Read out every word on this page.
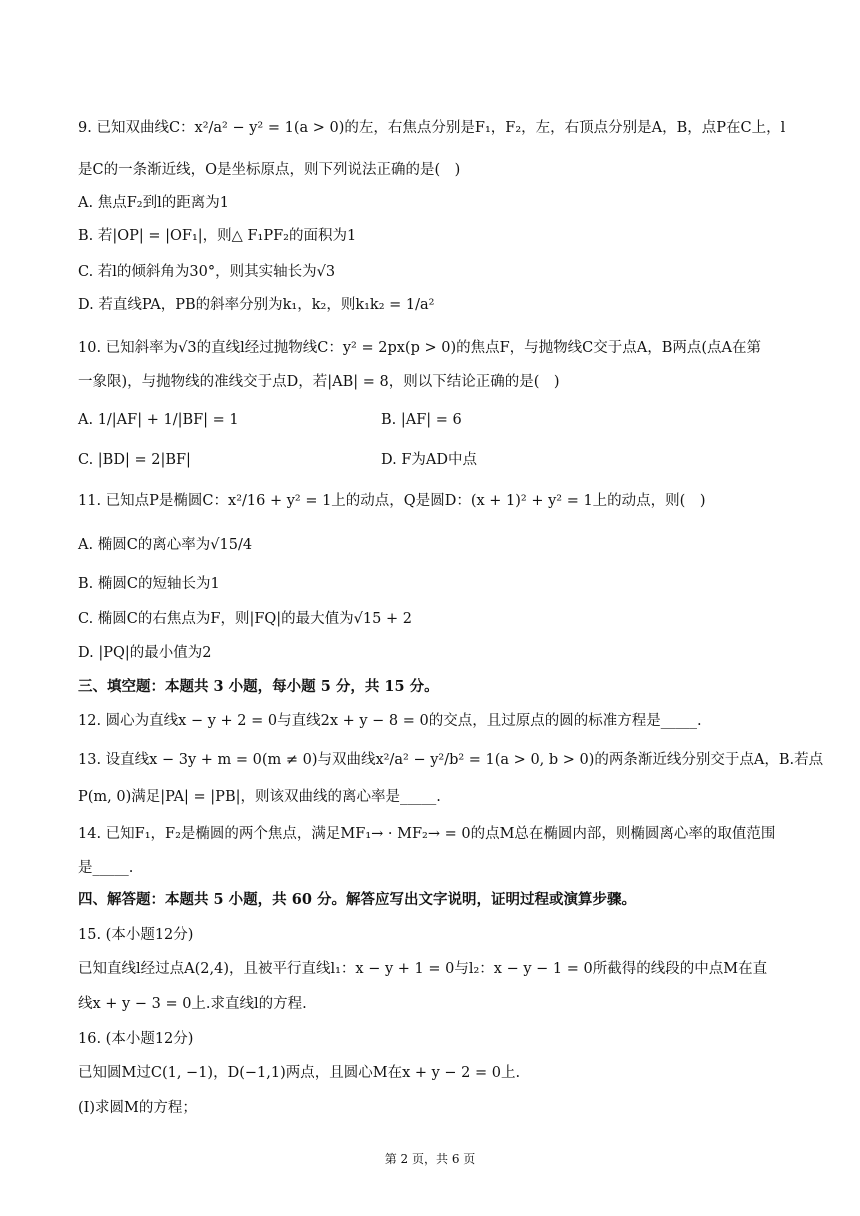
9. 已知双曲线C：x²/a² − y² = 1(a > 0)的左，右焦点分别是F₁，F₂，左，右顶点分别是A，B，点P在C上，l
是C的一条渐近线，O是坐标原点，则下列说法正确的是(　)
A. 焦点F₂到l的距离为1
B. 若|OP| = |OF₁|，则△ F₁PF₂的面积为1
C. 若l的倾斜角为30°，则其实轴长为√3
D. 若直线PA，PB的斜率分别为k₁，k₂，则k₁k₂ = 1/a²
10. 已知斜率为√3的直线l经过抛物线C：y² = 2px(p > 0)的焦点F，与抛物线C交于点A，B两点(点A在第
一象限)，与抛物线的准线交于点D，若|AB| = 8，则以下结论正确的是(　)
A. 1/|AF| + 1/|BF| = 1
C. |BD| = 2|BF|
11. 已知点P是椭圆C：x²/16 + y² = 1上的动点，Q是圆D：(x + 1)² + y² = 1上的动点，则(　)
A. 椭圆C的离心率为√15/4
B. 椭圆C的短轴长为1
C. 椭圆C的右焦点为F，则|FQ|的最大值为√15 + 2
D. |PQ|的最小值为2
三、填空题：本题共 3 小题，每小题 5 分，共 15 分。
12. 圆心为直线x − y + 2 = 0与直线2x + y − 8 = 0的交点，且过原点的圆的标准方程是_____.
13. 设直线x − 3y + m = 0(m ≠ 0)与双曲线x²/a² − y²/b² = 1(a > 0, b > 0)的两条渐近线分别交于点A，B.若点
P(m, 0)满足|PA| = |PB|，则该双曲线的离心率是_____.
14. 已知F₁，F₂是椭圆的两个焦点，满足MF₁→ · MF₂→ = 0的点M总在椭圆内部，则椭圆离心率的取值范围
是_____.
四、解答题：本题共 5 小题，共 60 分。解答应写出文字说明，证明过程或演算步骤。
15. (本小题12分)
已知直线l经过点A(2,4)，且被平行直线l₁：x − y + 1 = 0与l₂：x − y − 1 = 0所截得的线段的中点M在直
线x + y − 3 = 0上.求直线l的方程.
16. (本小题12分)
已知圆M过C(1, −1)，D(−1,1)两点，且圆心M在x + y − 2 = 0上.
(Ⅰ)求圆M的方程；
B. |AF| = 6
D. F为AD中点
第 2 页，共 6 页
